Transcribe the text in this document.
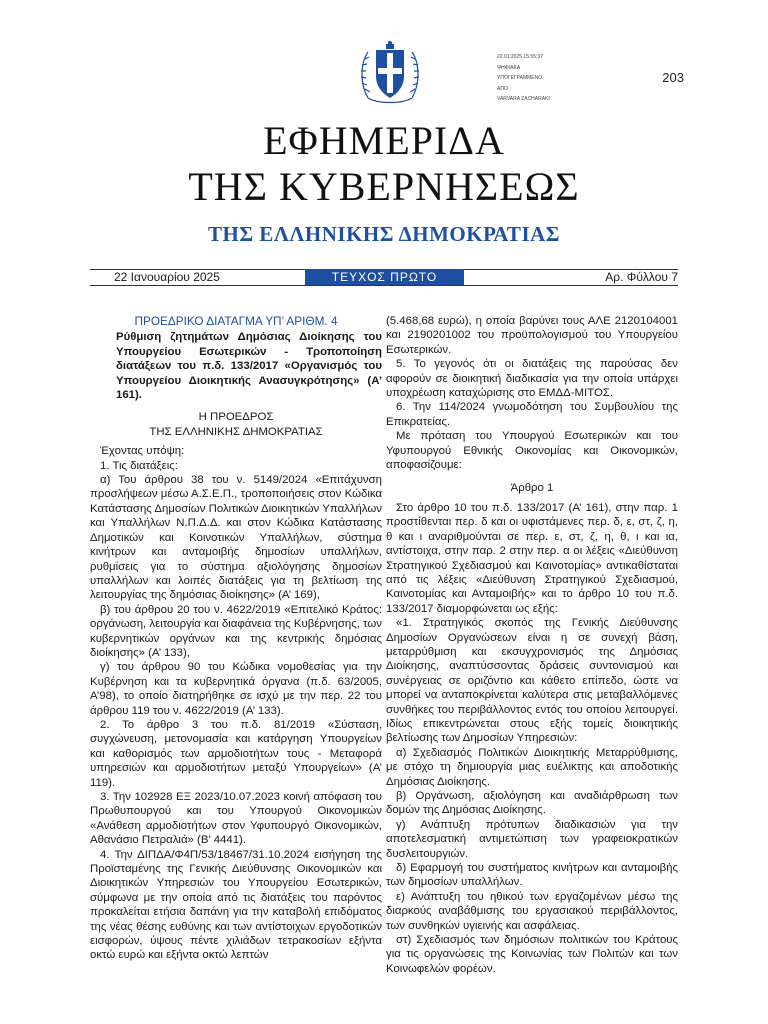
22.01.2025 15:55:37
ΨΗΦΙΑΚΑ
ΥΠΟΓΕΓΡΑΜΜΕΝΟ
ΑΠΟ
VARVARA ZACHARAKI
203
ΕΦΗΜΕΡΙΔΑ
ΤΗΣ ΚΥΒΕΡΝΗΣΕΩΣ
ΤΗΣ ΕΛΛΗΝΙΚΗΣ ΔΗΜΟΚΡΑΤΙΑΣ
22 Ιανουαρίου 2025	ΤΕΥΧΟΣ ΠΡΩΤΟ	Αρ. Φύλλου 7

ΠΡΟΕΔΡΙΚΟ ΔΙΑΤΑΓΜΑ ΥΠ’ ΑΡΙΘΜ. 4

Ρύθμιση ζητημάτων Δημόσιας Διοίκησης του Υπουργείου Εσωτερικών - Τροποποίηση διατάξεων του π.δ. 133/2017 «Οργανισμός του Υπουργείου Διοικητικής Ανασυγκρότησης» (Α’ 161).

Η ΠΡΟΕΔΡΟΣ

ΤΗΣ ΕΛΛΗΝΙΚΗΣ ΔΗΜΟΚΡΑΤΙΑΣ

Έχοντας υπόψη:

1. Τις διατάξεις:

α) Του άρθρου 38 του ν. 5149/2024 «Επιτάχυνση προσλήψεων μέσω Α.Σ.Ε.Π., τροποποιήσεις στον Κώδικα Κατάστασης Δημοσίων Πολιτικών Διοικητικών Υπαλλήλων και Υπαλλήλων Ν.Π.Δ.Δ. και στον Κώδικα Κατάστασης Δημοτικών και Κοινοτικών Υπαλλήλων, σύστημα κινήτρων και ανταμοιβής δημοσίων υπαλλήλων, ρυθμίσεις για το σύστημα αξιολόγησης δημοσίων υπαλλήλων και λοιπές διατάξεις για τη βελτίωση της λειτουργίας της δημόσιας διοίκησης» (Α’ 169),

β) του άρθρου 20 του ν. 4622/2019 «Επιτελικό Κράτος: οργάνωση, λειτουργία και διαφάνεια της Κυβέρνησης, των κυβερνητικών οργάνων και της κεντρικής δημόσιας διοίκησης» (Α’ 133),

γ) του άρθρου 90 του Κώδικα νομοθεσίας για την Κυβέρνηση και τα κυβερνητικά όργανα (π.δ. 63/2005, Α’98), το οποίο διατηρήθηκε σε ισχύ με την περ. 22 του άρθρου 119 του ν. 4622/2019 (Α’ 133).

2. Το άρθρο 3 του π.δ. 81/2019 «Σύσταση, συγχώνευση, μετονομασία και κατάργηση Υπουργείων και καθορισμός των αρμοδιοτήτων τους - Μεταφορά υπηρεσιών και αρμοδιοτήτων μεταξύ Υπουργείων» (Α’ 119).

3. Την 102928 ΕΞ 2023/10.07.2023 κοινή απόφαση του Πρωθυπουργού και του Υπουργού Οικονομικών «Ανάθεση αρμοδιοτήτων στον Υφυπουργό Οικονομικών, Αθανάσιο Πετραλιά» (Β’ 4441).

4. Την ΔΙΠΔΑ/Φ4Π/53/18467/31.10.2024 εισήγηση της Προϊσταμένης της Γενικής Διεύθυνσης Οικονομικών και Διοικητικών Υπηρεσιών του Υπουργείου Εσωτερικών, σύμφωνα με την οποία από τις διατάξεις του παρόντος προκαλείται ετήσια δαπάνη για την καταβολή επιδόματος της νέας θέσης ευθύνης και των αντίστοιχων εργοδοτικών εισφορών, ύψους πέντε χιλιάδων τετρακοσίων εξήντα οκτώ ευρώ και εξήντα οκτώ λεπτών

(5.468,68 ευρώ), η οποία βαρύνει τους ΑΛΕ 2120104001 και 2190201002 του προϋπολογισμού του Υπουργείου Εσωτερικών.

5. Το γεγονός ότι οι διατάξεις της παρούσας δεν αφορούν σε διοικητική διαδικασία για την οποία υπάρχει υποχρέωση καταχώρισης στο ΕΜΔΔ-ΜΙΤΟΣ.

6. Την 114/2024 γνωμοδότηση του Συμβουλίου της Επικρατείας.

Με πρόταση του Υπουργού Εσωτερικών και του Υφυπουργού Εθνικής Οικονομίας και Οικονομικών, αποφασίζουμε:

Άρθρο 1

Στο άρθρο 10 του π.δ. 133/2017 (Α’ 161), στην παρ. 1 προστίθενται περ. δ και οι υφιστάμενες περ. δ, ε, στ, ζ, η, θ και ι αναριθμούνται σε περ. ε, στ, ζ, η, θ, ι και ια, αντίστοιχα, στην παρ. 2 στην περ. α οι λέξεις «Διεύθυνση Στρατηγικού Σχεδιασμού και Καινοτομίας» αντικαθίσταται από τις λέξεις «Διεύθυνση Στρατηγικού Σχεδιασμού, Καινοτομίας και Ανταμοιβής» και το άρθρο 10 του π.δ. 133/2017 διαμορφώνεται ως εξής:

«1. Στρατηγικός σκοπός της Γενικής Διεύθυνσης Δημοσίων Οργανώσεων είναι η σε συνεχή βάση, μεταρρύθμιση και εκσυγχρονισμός της Δημόσιας Διοίκησης, αναπτύσσοντας δράσεις συντονισμού και συνέργειας σε οριζόντιο και κάθετο επίπεδο, ώστε να μπορεί να ανταποκρίνεται καλύτερα στις μεταβαλλόμενες συνθήκες του περιβάλλοντος εντός του οποίου λειτουργεί. Ιδίως επικεντρώνεται στους εξής τομείς διοικητικής βελτίωσης των Δημοσίων Υπηρεσιών:

α) Σχεδιασμός Πολιτικών Διοικητικής Μεταρρύθμισης, με στόχο τη δημιουργία μιας ευέλικτης και αποδοτικής Δημόσιας Διοίκησης.

β) Οργάνωση, αξιολόγηση και αναδιάρθρωση των δομών της Δημόσιας Διοίκησης.

γ) Ανάπτυξη πρότυπων διαδικασιών για την αποτελεσματική αντιμετώπιση των γραφειοκρατικών δυσλειτουργιών.

δ) Εφαρμογή του συστήματος κινήτρων και ανταμοιβής των δημοσίων υπαλλήλων.

ε) Ανάπτυξη του ηθικού των εργαζομένων μέσω της διαρκούς αναβάθμισης του εργασιακού περιβάλλοντος, των συνθηκών υγιεινής και ασφάλειας.

στ) Σχεδιασμός των δημόσιων πολιτικών του Κράτους για τις οργανώσεις της Κοινωνίας των Πολιτών και των Κοινωφελών φορέων.
